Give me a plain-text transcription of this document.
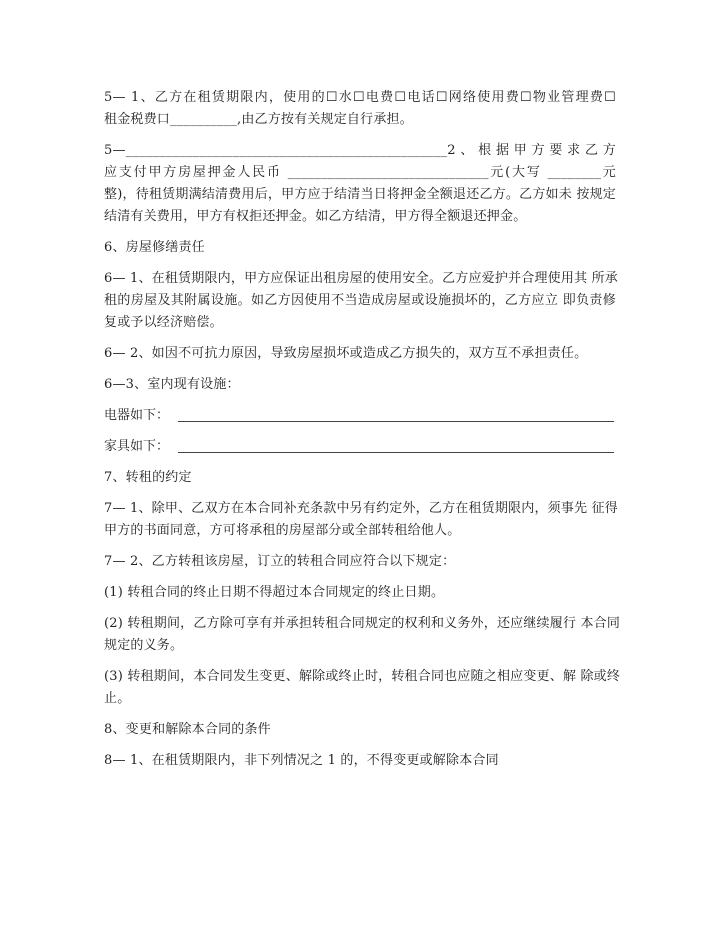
5— 1、乙方在租赁期限内，使用的☐水☐电费☐电话☐网络使用费☐物业管理费☐
租金税费口__________,由乙方按有关规定自行承担。
5—________________________________________________2、根据甲方要求乙方
应支付甲方房屋押金人民币 ______________________________元(大写 ________元
整)，待租赁期满结清费用后，甲方应于结清当日将押金全额退还乙方。乙方如未 按规定
结清有关费用，甲方有权拒还押金。如乙方结清，甲方得全额退还押金。
6、房屋修缮责任
6— 1、在租赁期限内，甲方应保证出租房屋的使用安全。乙方应爱护并合理使用其 所承
租的房屋及其附属设施。如乙方因使用不当造成房屋或设施损坏的，乙方应立 即负责修
复或予以经济赔偿。
6— 2、如因不可抗力原因，导致房屋损坏或造成乙方损失的，双方互不承担责任。
6—3、室内现有设施：
电器如下：
家具如下：
7、转租的约定
7— 1、除甲、乙双方在本合同补充条款中另有约定外，乙方在租赁期限内，须事先 征得
甲方的书面同意，方可将承租的房屋部分或全部转租给他人。
7— 2、乙方转租该房屋，订立的转租合同应符合以下规定：
(1) 转租合同的终止日期不得超过本合同规定的终止日期。
(2) 转租期间，乙方除可享有并承担转租合同规定的权利和义务外，还应继续履行 本合同
规定的义务。
(3) 转租期间，本合同发生变更、解除或终止时，转租合同也应随之相应变更、解 除或终
止。
8、变更和解除本合同的条件
8— 1、在租赁期限内，非下列情况之 1 的，不得变更或解除本合同
